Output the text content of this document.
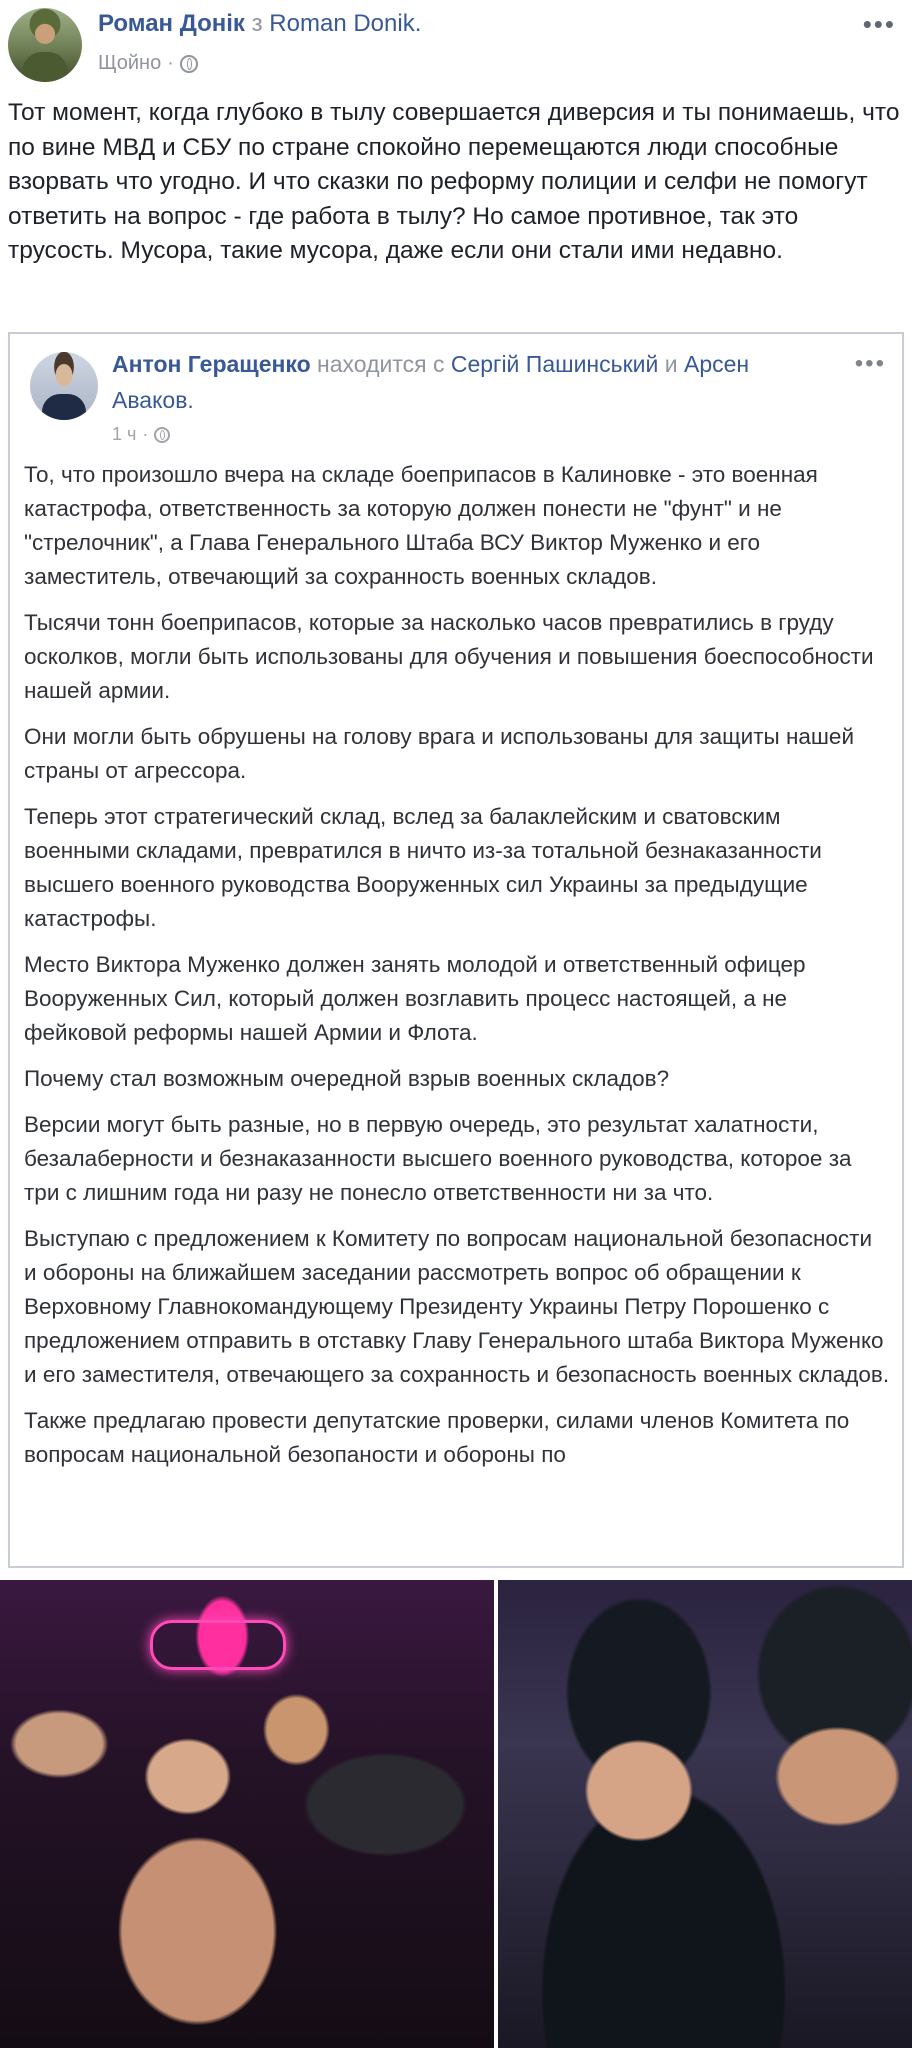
Роман Донік з Roman Donik.
Щойно ·
•••

Тот момент, когда глубоко в тылу совершается диверсия и ты понимаешь, что по вине МВД и СБУ по стране спокойно перемещаются люди способные взорвать что угодно. И что сказки по реформу полиции и селфи не помогут ответить на вопрос - где работа в тылу? Но самое противное, так это трусость. Мусора, такие мусора, даже если они стали ими недавно.

Антон Геращенко находится с Сергій Пашинський и Арсен Аваков.
1 ч ·
•••

То, что произошло вчера на складе боеприпасов в Калиновке - это военная катастрофа, ответственность за которую должен понести не "фунт" и не "стрелочник", а Глава Генерального Штаба ВСУ Виктор Муженко и его заместитель, отвечающий за сохранность военных складов.

Тысячи тонн боеприпасов, которые за насколько часов превратились в груду осколков, могли быть использованы для обучения и повышения боеспособности нашей армии.

Они могли быть обрушены на голову врага и использованы для защиты нашей страны от агрессора.

Теперь этот стратегический склад, вслед за балаклейским и сватовским военными складами, превратился в ничто из-за тотальной безнаказанности высшего военного руководства Вооруженных сил Украины за предыдущие катастрофы.

Место Виктора Муженко должен занять молодой и ответственный офицер Вооруженных Сил, который должен возглавить процесс настоящей, а не фейковой реформы нашей Армии и Флота.

Почему стал возможным очередной взрыв военных складов?

Версии могут быть разные, но в первую очередь, это результат халатности, безалаберности и безнаказанности высшего военного руководства, которое за три с лишним года ни разу не понесло ответственности ни за что.

Выступаю с предложением к Комитету по вопросам национальной безопасности и обороны на ближайшем заседании рассмотреть вопрос об обращении к Верховному Главнокомандующему Президенту Украины Петру Порошенко с предложением отправить в отставку Главу Генерального штаба Виктора Муженко и его заместителя, отвечающего за сохранность и безопасность военных складов.

Также предлагаю провести депутатские проверки, силами членов Комитета по вопросам национальной безопаности и обороны по
